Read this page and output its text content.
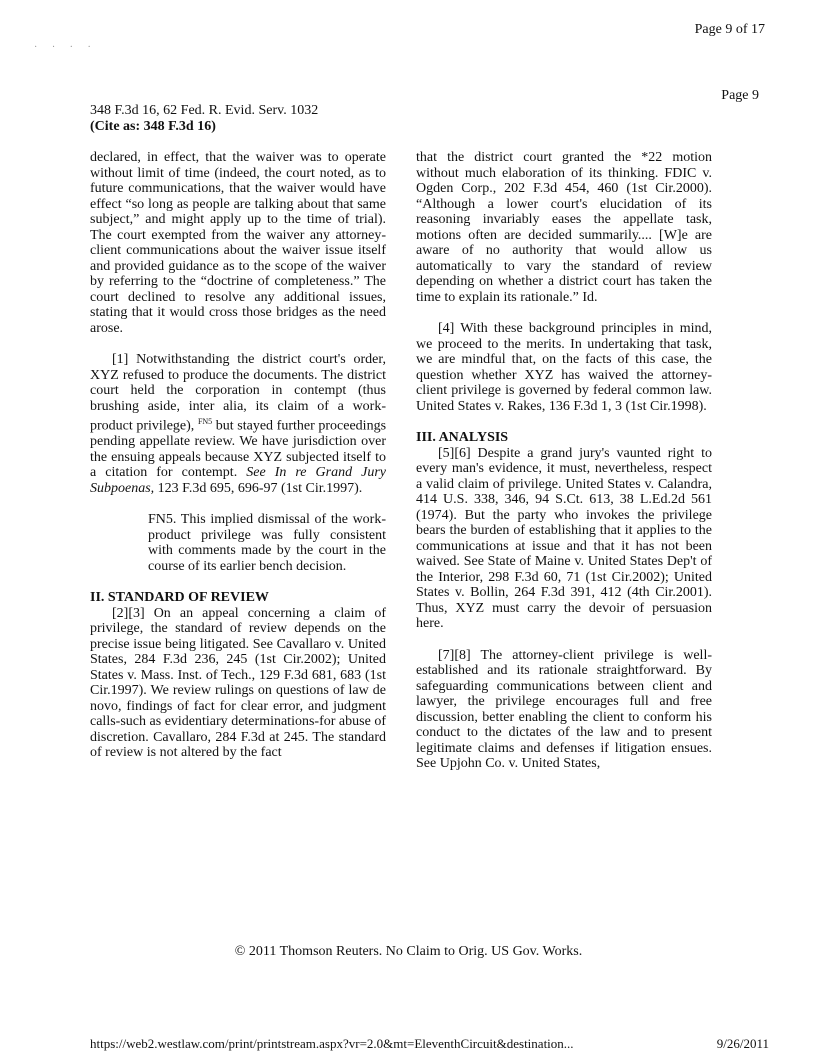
Page 9 of 17
· · · ·
Page 9
348 F.3d 16, 62 Fed. R. Evid. Serv. 1032
(Cite as: 348 F.3d 16)

declared, in effect, that the waiver was to operate without limit of time (indeed, the court noted, as to future communications, that the waiver would have effect “so long as people are talking about that same subject,” and might apply up to the time of trial). The court exempted from the waiver any attorney-client communications about the waiver issue itself and provided guidance as to the scope of the waiver by referring to the “doctrine of completeness.” The court declined to resolve any additional issues, stating that it would cross those bridges as the need arose.

[1] Notwithstanding the district court's order, XYZ refused to produce the documents. The district court held the corporation in contempt (thus brushing aside, inter alia, its claim of a work-product privilege), $^{FN5}$ but stayed further proceedings pending appellate review. We have jurisdiction over the ensuing appeals because XYZ subjected itself to a citation for contempt. See In re Grand Jury Subpoenas, 123 F.3d 695, 696-97 (1st Cir.1997).

FN5. This implied dismissal of the work-product privilege was fully consistent with comments made by the court in the course of its earlier bench decision.

II. STANDARD OF REVIEW

[2][3] On an appeal concerning a claim of privilege, the standard of review depends on the precise issue being litigated. See Cavallaro v. United States, 284 F.3d 236, 245 (1st Cir.2002); United States v. Mass. Inst. of Tech., 129 F.3d 681, 683 (1st Cir.1997). We review rulings on questions of law de novo, findings of fact for clear error, and judgment calls-such as evidentiary determinations-for abuse of discretion. Cavallaro, 284 F.3d at 245. The standard of review is not altered by the fact

that the district court granted the *22 motion without much elaboration of its thinking. FDIC v. Ogden Corp., 202 F.3d 454, 460 (1st Cir.2000). “Although a lower court's elucidation of its reasoning invariably eases the appellate task, motions often are decided summarily.... [W]e are aware of no authority that would allow us automatically to vary the standard of review depending on whether a district court has taken the time to explain its rationale.” Id.

[4] With these background principles in mind, we proceed to the merits. In undertaking that task, we are mindful that, on the facts of this case, the question whether XYZ has waived the attorney-client privilege is governed by federal common law. United States v. Rakes, 136 F.3d 1, 3 (1st Cir.1998).

III. ANALYSIS

[5][6] Despite a grand jury's vaunted right to every man's evidence, it must, nevertheless, respect a valid claim of privilege. United States v. Calandra, 414 U.S. 338, 346, 94 S.Ct. 613, 38 L.Ed.2d 561 (1974). But the party who invokes the privilege bears the burden of establishing that it applies to the communications at issue and that it has not been waived. See State of Maine v. United States Dep't of the Interior, 298 F.3d 60, 71 (1st Cir.2002); United States v. Bollin, 264 F.3d 391, 412 (4th Cir.2001). Thus, XYZ must carry the devoir of persuasion here.

[7][8] The attorney-client privilege is well-established and its rationale straightforward. By safeguarding communications between client and lawyer, the privilege encourages full and free discussion, better enabling the client to conform his conduct to the dictates of the law and to present legitimate claims and defenses if litigation ensues. See Upjohn Co. v. United States,

© 2011 Thomson Reuters. No Claim to Orig. US Gov. Works.
https://web2.westlaw.com/print/printstream.aspx?vr=2.0&mt=EleventhCircuit&destination...	9/26/2011
